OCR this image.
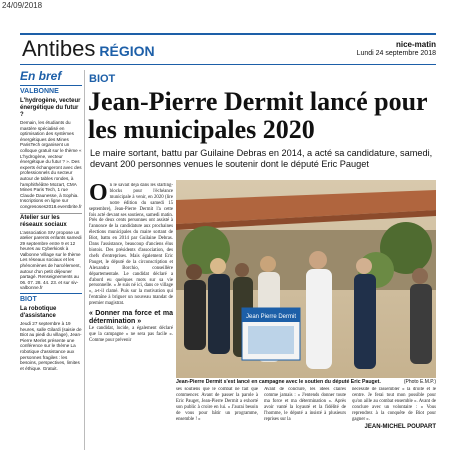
24/09/2018
Antibes RÉGION	nice-matin
Lundi 24 septembre 2018
En bref
VALBONNE
L'hydrogène, vecteur énergétique du futur ?
Demain, les étudiants du mastère spécialisé en optimisation des systèmes énergétiques des Mines ParisTech organisent un colloque gratuit sur le thème « L'hydrogène, vecteur énergétique du futur ? ». Des experts échangeront avec des professionnels du secteur autour de tables rondes, à l'amphithéâtre Mozart, CMA Mines Paris Tech, 1 rue Claude Daunesse, à Sophia. Inscriptions en ligne sur congresoses2018.eventbrite.fr
Atelier sur les réseaux sociaux
L'association SIV propose un atelier parents enfants samedi 29 septembre entre 9 et 12 heures au Cyberkiosk à Valbonne Village sur le thème Les réseaux sociaux et les phénomènes de harcèlement, autour d'un petit déjeuner partagé. Renseignements au 06. 07. 28. 44. 23. et sur siv-valbonne.fr
BIOT
La robotique d'assistance
Jeudi 27 septembre à 19 heures, salle Gilardi (saisie de Biot au piedi du village), Jean-Pierre Merlet présente une conférence sur le thème La robotique d'assistance aux personnes fragiles : les besoins, perspectives, limites et éthique. Gratuit.
BIOT
Jean-Pierre Dermit lancé pour les municipales 2020
Le maire sortant, battu par Guilaine Debras en 2014, a acté sa candidature, samedi, devant 200 personnes venues le soutenir dont le député Eric Pauget
On le savait déjà dans les starting-blocks pour l'échéance municipale à venir, en 2020 (lire notre édition du samedi 15 septembre), Jean-Pierre Dermit l'a cette fois acté devant ses soutiens, samedi matin. Près de deux cents personnes ont assisté à l'annonce de la candidature aux prochaines élections municipales du maire sortant de Biot, battu en 2014 par Guilaine Debras. Dans l'assistance, beaucoup d'anciens élus biotois. Des présidents d'association, des chefs d'entreprises. Mais également Eric Pauget, le député de la circonscription et Alexandra Borchio, conseillère départementale. Le candidat déclaré a d'abord eu quelques mots sur sa vie personnelle. « Je suis né ici, dans ce village », a-t-il clamé. Puis sur la motivation qui l'entraîne à briguer un nouveau mandat de premier magistrat.
« Donner ma force et ma détermination »
Le candidat, lucide, a également déclaré que la campagne « ne sera pas facile ». Comme pour prévenir
Jean Pierre Dermit
Jean-Pierre Dermit s'est lancé en campagne avec le soutien du député Eric Pauget.	(Photo E.M.P.)
ses soutiens que le combat ne fait que commencer. Avant de passer la parole à Eric Pauget, Jean-Pierre Dermit a exhorté son public à croire en lui. « J'aurai besoin de vous pour bâtir un programme, ensemble ! »
Avant de conclure, les idées claires comme jamais : « J'entends donner toute ma force et ma détermination ». Après avoir vanté la loyauté et la fidélité de l'homme, le député a insisté à plusieurs reprises sur la
nécessité de rassembler « la droite et le centre. Je ferai tout mon possible pour qu'on aille au combat ensemble ». Avant de conclure avec un volontaire : « Vous reprendrez à la conquête de Biot pour gagner ».
JEAN-MICHEL POUPART
